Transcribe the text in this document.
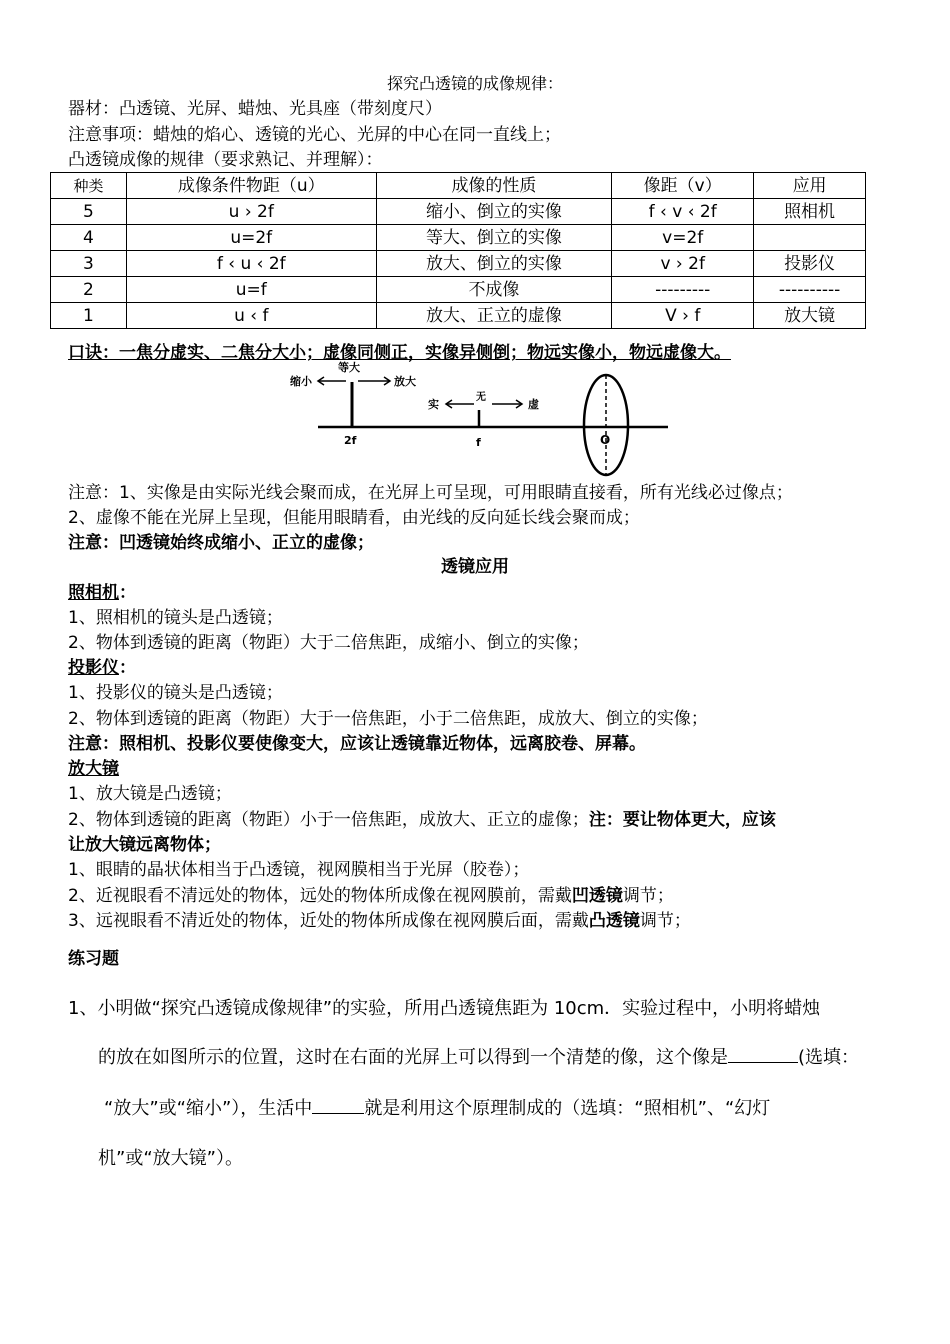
探究凸透镜的成像规律：
器材：凸透镜、光屏、蜡烛、光具座（带刻度尺）
注意事项：蜡烛的焰心、透镜的光心、光屏的中心在同一直线上；
凸透镜成像的规律（要求熟记、并理解）：
种类	成像条件物距（u）	成像的性质	像距（v）	应用
5	u › 2f	缩小、倒立的实像	f ‹ v ‹ 2f	照相机
4	u=2f	等大、倒立的实像	v=2f	
3	f ‹ u ‹ 2f	放大、倒立的实像	v › 2f	投影仪
2	u=f	不成像	---------	----------
1	u ‹ f	放大、正立的虚像	V › f	放大镜
口诀：一焦分虚实、二焦分大小；虚像同侧正，实像异侧倒；物远实像小，物远虚像大。
缩小
等大
放大
实
无
虚
2f	f	O
注意：1、实像是由实际光线会聚而成，在光屏上可呈现，可用眼睛直接看，所有光线必过像点；
2、虚像不能在光屏上呈现，但能用眼睛看，由光线的反向延长线会聚而成；
注意：凹透镜始终成缩小、正立的虚像；
透镜应用
照相机：
1、照相机的镜头是凸透镜；
2、物体到透镜的距离（物距）大于二倍焦距，成缩小、倒立的实像；
投影仪：
1、投影仪的镜头是凸透镜；
2、物体到透镜的距离（物距）大于一倍焦距，小于二倍焦距，成放大、倒立的实像；
注意：照相机、投影仪要使像变大，应该让透镜靠近物体，远离胶卷、屏幕。
放大镜
1、放大镜是凸透镜；
2、物体到透镜的距离（物距）小于一倍焦距，成放大、正立的虚像；注：要让物体更大，应该
让放大镜远离物体；
1、眼睛的晶状体相当于凸透镜，视网膜相当于光屏（胶卷）；
2、近视眼看不清远处的物体，远处的物体所成像在视网膜前，需戴凹透镜调节；
3、远视眼看不清近处的物体，近处的物体所成像在视网膜后面，需戴凸透镜调节；
练习题
1、小明做“探究凸透镜成像规律”的实验，所用凸透镜焦距为 10cm．实验过程中，小明将蜡烛
的放在如图所示的位置，这时在右面的光屏上可以得到一个清楚的像，这个像是	(选填：
“放大”或“缩小”），生活中	就是利用这个原理制成的（选填：“照相机”、“幻灯
机”或“放大镜”）。
